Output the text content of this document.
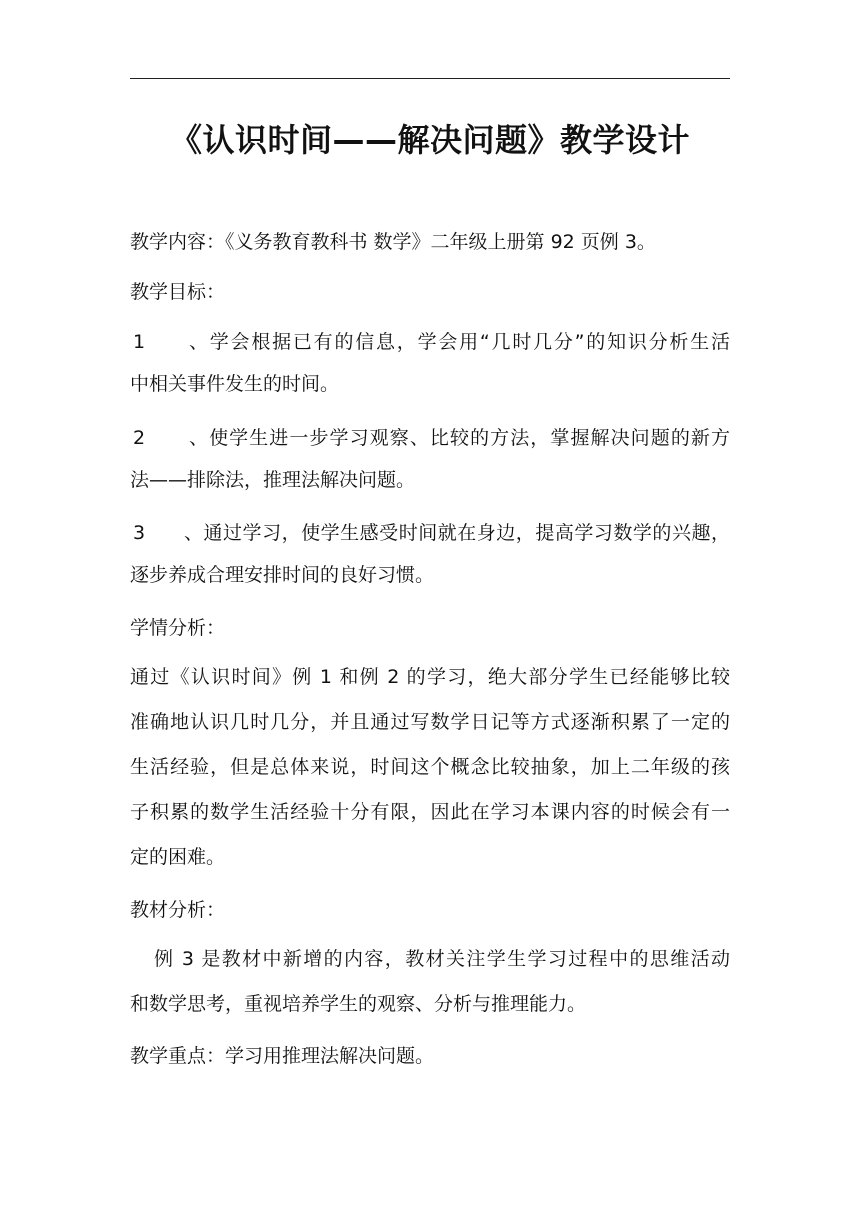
《认识时间——解决问题》教学设计
教学内容：《义务教育教科书 数学》二年级上册第 92 页例 3。
教学目标：
1、学会根据已有的信息，学会用“几时几分”的知识分析生活
中相关事件发生的时间。
2、使学生进一步学习观察、比较的方法，掌握解决问题的新方
法——排除法，推理法解决问题。
3、通过学习，使学生感受时间就在身边，提高学习数学的兴趣，
逐步养成合理安排时间的良好习惯。
学情分析：
通过《认识时间》例 1 和例 2 的学习，绝大部分学生已经能够比较
准确地认识几时几分，并且通过写数学日记等方式逐渐积累了一定的
生活经验，但是总体来说，时间这个概念比较抽象，加上二年级的孩
子积累的数学生活经验十分有限，因此在学习本课内容的时候会有一
定的困难。
教材分析：
例 3 是教材中新增的内容，教材关注学生学习过程中的思维活动
和数学思考，重视培养学生的观察、分析与推理能力。
教学重点：学习用推理法解决问题。
